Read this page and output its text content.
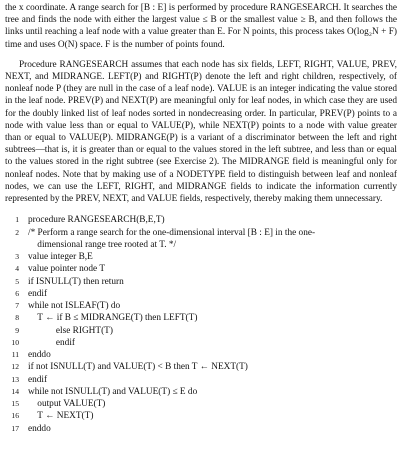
the x coordinate. A range search for [B : E] is performed by procedure RANGESEARCH. It searches the tree and finds the node with either the largest value ≤ B or the smallest value ≥ B, and then follows the links until reaching a leaf node with a value greater than E. For N points, this process takes O(log₂N + F) time and uses O(N) space. F is the number of points found.

Procedure RANGESEARCH assumes that each node has six fields, LEFT, RIGHT, VALUE, PREV, NEXT, and MIDRANGE. LEFT(P) and RIGHT(P) denote the left and right children, respectively, of nonleaf node P (they are null in the case of a leaf node). VALUE is an integer indicating the value stored in the leaf node. PREV(P) and NEXT(P) are meaningful only for leaf nodes, in which case they are used for the doubly linked list of leaf nodes sorted in nondecreasing order. In particular, PREV(P) points to a node with value less than or equal to VALUE(P), while NEXT(P) points to a node with value greater than or equal to VALUE(P). MIDRANGE(P) is a variant of a discriminator between the left and right subtrees—that is, it is greater than or equal to the values stored in the left subtree, and less than or equal to the values stored in the right subtree (see Exercise 2). The MIDRANGE field is meaningful only for nonleaf nodes. Note that by making use of a NODETYPE field to distinguish between leaf and nonleaf nodes, we can use the LEFT, RIGHT, and MIDRANGE fields to indicate the information currently represented by the PREV, NEXT, and VALUE fields, respectively, thereby making them unnecessary.

1 procedure RANGESEARCH(B,E,T)
2 /* Perform a range search for the one-dimensional interval [B : E] in the one-
dimensional range tree rooted at T. */
3 value integer B,E
4 value pointer node T
5 if ISNULL(T) then return
6 endif
7 while not ISLEAF(T) do
8 T ← if B ≤ MIDRANGE(T) then LEFT(T)
9 else RIGHT(T)
10 endif
11 enddo
12 if not ISNULL(T) and VALUE(T) < B then T ← NEXT(T)
13 endif
14 while not ISNULL(T) and VALUE(T) ≤ E do
15 output VALUE(T)
16 T ← NEXT(T)
17 enddo
